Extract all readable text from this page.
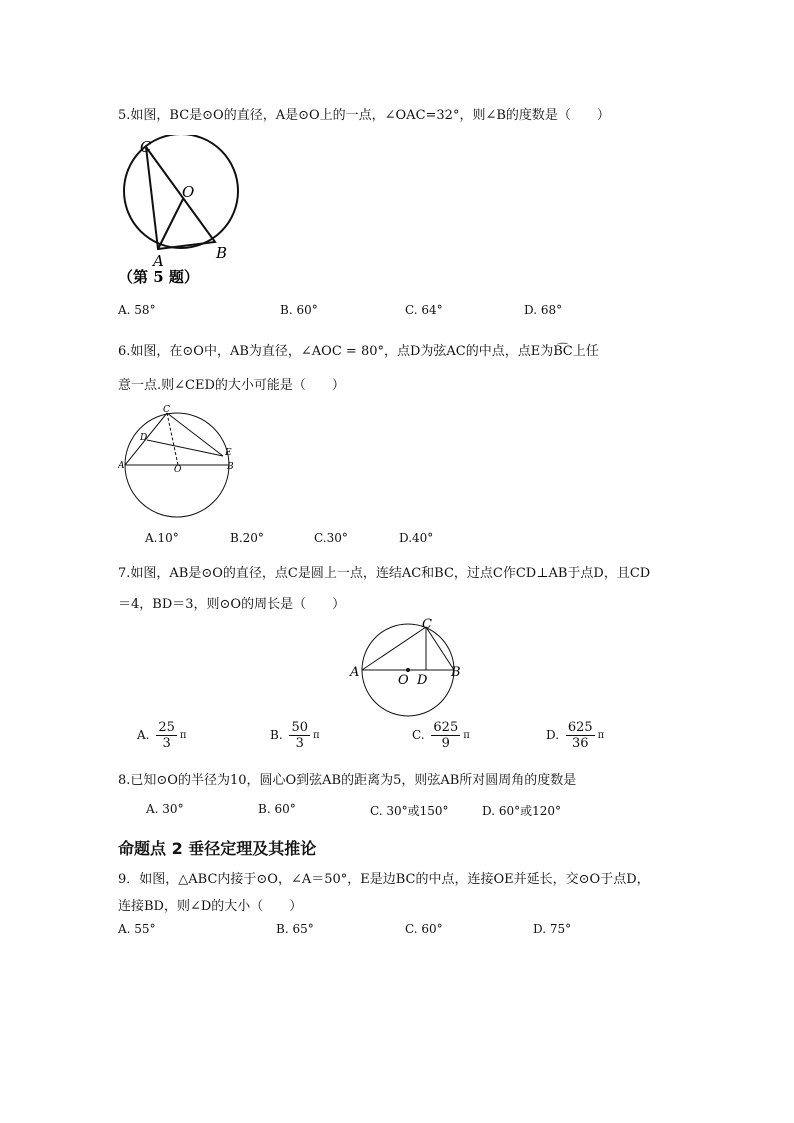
5.如图，BC是⊙O的直径，A是⊙O上的一点，∠OAC=32°，则∠B的度数是（　　）
C
O
A	B
（第 5 题）
A. 58°	B. 60°	C. 64°	D. 68°
6.如图，在⊙O中，AB为直径，∠AOC = 80°，点D为弦AC的中点，点E为B͡C上任
意一点.则∠CED的大小可能是（　　）
C
D
E
A	O	B
A.10°	B.20°	C.30°	D.40°
7.如图，AB是⊙O的直径，点C是圆上一点，连结AC和BC，过点C作CD⊥AB于点D，且CD
＝4，BD＝3，则⊙O的周长是（　　）
C
A
O D
B
A. $\frac{25}{3}$ π	B. $\frac{50}{3}$ π	C. $\frac{625}{9}$ π	D. $\frac{625}{36}$ π
8.已知⊙O的半径为10，圆心O到弦AB的距离为5，则弦AB所对圆周角的度数是
A. 30°	B. 60°	C. 30°或150°	D. 60°或120°
命题点 2 垂径定理及其推论
9．如图，△ABC内接于⊙O，∠A＝50°，E是边BC的中点，连接OE并延长，交⊙O于点D，
连接BD，则∠D的大小（　　）
A. 55°	B. 65°	C. 60°	D. 75°
